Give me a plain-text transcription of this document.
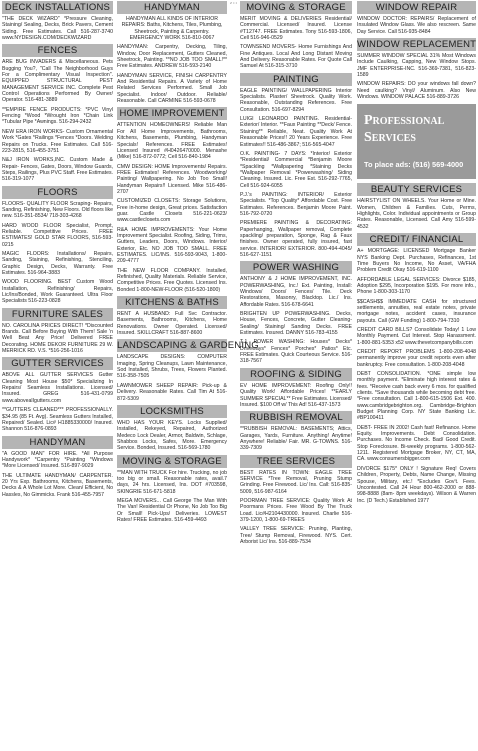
z • •
DECK INSTALLATIONS

"THE DECK WIZARD" *Pressure Cleaning, Staining/ Sealing, Decks, Brick Pavers, Cement Siding. Free Estimates. Call 516-287-3740 www.NYDESIGN.COM/DECKWIZARD

FENCES

ARE BUG INVADERS & Miscellaneous. Pets Bugging You?, "Call The Neighborhood Guys For a Complimentary Visual Inspection". EQUIPPED STRUCTURAL PEST MANAGEMENT SERVICE INC. Complete Pest Control Operations Performed By Owner/ Operator. 516-481-3889

**EMPIRE FENCE PRODUCTS: *PVC Vinyl Fencing *Wood *Wrought Iron *Chain Link *Tubular Pipe *Awnings. 516-294-2432

NEW ERA IRON WORKS- Custom Ornamental Work *Gates *Railings *Fences *Doors. Welding Repairs on Trucks. Free Estimates. Call 516-223-2815, 516-455-3751

N&J IRON WORKS,INC. Custom Made & Repair- Fences, Gates, Doors, Window Guards, Steps, Railings, Plus PVC Staff. Free Estimates. 516-319-1077

FLOORS

FLOORS- QUALITY FLOOR Scraping- Repairs, Sanding, Refinishing, New Floors. Old floors like new. 516-351-8534/ 718-303-4268

HARD WOOD FLOOR Specialist, Prompt, Reliable. Competitive Prices. FREE ESTIMATES! GOLD STAR FLOORS, 516-593-0215

MAGIC FLOORS: Installations/ Repairs, Sanding, Staining, Refinishing, Stenciling, Graphic Design, Decks, Warranty. Free Estimates. 516-964-3883

WOOD FLOORING. BEST Custom Wood Installation, Refinishing/ Repairs, Lic/Ins/Bonded, Work Guaranteed. Ultra Floor Specialists 516-223-0828

FURNITURE SALES

NO. CAROLINA PRICES DIRECT! *Discounted Brands. Call Before Buying With Them! Sale 'n Well Beat Any Price! Delivered FREE Decorating. HOME DEKOR FURNITURE 29 W. MERRICK RD. V.S. *516-256-1016

GUTTER SERVICES

ABOVE ALL GUTTER SERVICES Gutter Cleaning Most House $50* Specializing In Repairs/ Seamless Installations. Licensed/ Insured. GREG 516-431-0799 www.abovealIgutters.com

**GUTTERS CLEANED*** PROFESSIONALLY. $34.95 (85 Ft. Avg). Seamless Gutters Installed, Repaired/ Sealed. Lic# H1885330000/ Insured. Shannon 516-876-0893

HANDYMAN

"A GOOD MAN" FOR HIRE. *All Purpose Handywork* *Carpentry *Painting *Windows *More Licensed/ Insured. 516-897-9029

THE ULTIMATE HANDYMAN/ CARPENTER. 20 Yrs Exp. Bathrooms, Kitchens, Basements, Decks & A Whole Lot More. Clean/ Efficient, No Hassles, No Gimmicks. Frank 516-455-7957

HANDYMAN

HANDYMAN ALL KINDS OF INTERIOR REPAIRS: Baths, Kitchens, Tiles, Plumbing, Sheetrock, Painting & Carpentry. EMERGENCY WORK 516-810-0067

HANDYMAN: Carpentry, Decking, Tiling, Window, Door Replacement, Gutters Cleaned, Sheetrock, Painting. **NO JOB TOO SMALL!** Free Estimates. ANDREW 516-593-2140

HANDYMAN SERVICE, FINISH CARPENTRY And Residential Repairs. A Variety of Home Related Services Performed. Small Job Specialist. Indoor/ Outdoor. Reliable/ Reasonable. Call CARMINE 516-593-0678

HOME IMPROVEMENT

ATTENTION HOMEOWNERS! Reliable Man For All Home Improvements, Bathrooms, Kitchens, Basements, Plumbing, Handyman Specials! References. FREE Estimates! Licensed Insured #H0426470000. Menashe (Mike) 516-872-0772; Cell 516-840-1984

CMW DESIGN: HOME Improvements/ Repairs. FREE Estimates! References. Woodworking/ Painting/ Wallpapering. No Job Too Small! Handyman Repairs!! Licensed. Mike 516-486-2707

CUSTOMIZED CLOSETS: Storage Solutions, Free in-home design, Great prices. Satisfaction guar. Castle Closets 516-221-0623/ www.castleclosets.com

R&A HOME IMPROVEMENTS: Your Home Improvement Specialist. Roofing, Siding, Trims, Gutters, Leaders, Doors, Windows. Interior/ Exterior, Etc. NO JOB TOO SMALL. FREE ESTIMATES. LIC/INS. 516-593-9043, 1-800-209-4777

THE NEW FLOOR COMPANY. Installed, Refinished, Quality Materials. Reliable Service, Competitive Prices. Free Quotes. Licensed Ins. Bonded 1-800-NEW-FLOOR (516-520-1800)

KITCHENS & BATHS

RENT A HUSBAND: Full Svc Contractor. Basements, Bathrooms, Kitchens, Home Renovations. Owner Operated. Licensed/ Insured. SKILLCRAFT 516-887-8600

LANDSCAPING & GARDENING

LANDSCAPE DESIGNS: COMPUTER Imaging, Spring Cleanups, Lawn Maintenance, Sod Installed, Shrubs, Trees, Flowers Planted. 516-358-7505

LAWNMOWER SHEEP REPAIR: Pick-up & Delivery. Reasonable Rates. Call Tim At 516-872-5309

LOCKSMITHS

WHO HAS YOUR KEYS. Locks Supplied/ Installed, Rekeyed, Repaired, Authorized Medeco Lock Dealer, Armor, Baldwin, Schlage, Shabbos Locks, Safes, More. Emergency Service. Bonded, Insured. 516-569-1780

MOVING & STORAGE

**MAN WITH TRUCK For hire. Trucking, no job too big or small. Reasonable rates, avail.7 days, 24 hrs. Licensed, Ins. DOT #703598, SKINGRIE 516-671-5818

MEGA MOVERS... Call George The Man With The Van! Residential Or Phone, No Job Too Big Or Small! Pick-Ups/ Deliveries. LOWEST Rates! FREE Estimates. 516-459-4493

MOVING & STORAGE

MERIT MOVING & DELIVERIES Residential/ Commercial. Licensed/ Insured. License #T12747. FREE Estimates. Tony 516-593-1806, Cell 516-946-0529

TOWNSEND MOVERS- Home Furnishings And Fine Antiques. Local And Long Distant Moving And Delivery. Reasonable Rates. For Quote Call Samuel At 516-315-3710

PAINTING

EAGLE PAINTING/ WALLPAPERING Interior Specialists. Plaster/ Sheetrock. Quality Work. Reasonable, Outstanding References. Free Consultation. 516-697-8294

LUIGI LEONARDO PAINTING. Residential- Exterior/ Interior. **Faux Painting **Deck/ Fence. Staining** Reliable, Neat. Quality Work At Reasonable Prices!! 20 Years Experience. Free Estimates!! 516-486-3867; 516-565-4047

O.K. PAINTING- 7 DAYS: *Interior/ Exterior *Residential/ Commercial *Benjamin Moore *Spackling *Wallpapering *Staining Decks *Wallpaper Removal *Powerwashing/ Siding Cleaning. Insured. Lic. Free Est. 516-292-7765, Cell 516-924-6055

P.J.'s PAINTING: INTERIOR/ Exterior Specialists. *Top Quality* Affordable Cost. Free Estimates. References. Benjamin Moore Paint. 516-792-0720

PREMIERE PAINTING & DECORATING: Paperhanging, Wallpaper removal, Complete spackling/ preparation, Sponge, Rag & Faux finishes. Owner operated, fully insured, fast service. INTERIOR/ EXTERIOR. 800-494-4045/ 516-627-1151

POWER WASHING

ANTHONY & J HOME IMPROVEMENT, INC. POWERWASHING, Inc.! Ext. Painting, Install: Windows/ Doors/ Fences/ Tile. Deck Restorations, Masonry, Blacktop. Lic./ Ins. Affordable Rates. 516-678-6641

BRIGHTEN UP POWERWASHING. Decks, House, Fences, Concrete, Gutter Cleaning- Sealing/ Staining/ Sanding Decks. FREE Estimates. Insured. DANNY 516-783-4155

T.J. POWER WASHING: Houses* Decks* Driveways* Fences* Porches* Patios* Etc. FREE Estimates. Quick Courteous Service. 516-318-7567

ROOFING & SIDING

EV HOME IMPROVEMENT: Roofing Only!! Quality Work! Affordable Prices! **EARLY SUMMER SPECIAL** Free Estimates. Licensed/ Insured. $100 Off w/ This Ad! 516-437-1573

RUBBISH REMOVAL

**RUBBISH REMOVAL: BASEMENTS; Attics, Garages, Yards, Furniture. Anything! Anytime! Anywhere! Reliable/ Fair. MR. G-TOWNS. 516-339-7309

TREE SERVICES

BEST RATES IN TOWN: EAGLE TREE SERVICE *Tree Removal, Pruning Stump Grinding. Free Firewood. Lic/ Ins. Call: 516-835-5009, 516-987-6164

POORMAN TREE SERVICE: Quality Work At Poormans Prices. Free Wood By The Truck Load. Lic#H2104430000. Insured. Charlie 516-379-1200, 1-800-69-TREES

VALLEY TREE SERVICE: Pruning, Planting, Tree/ Stump Removal, Firewood. NYS. Cert. Arborist Lic/ Ins. 516-889-7534

WINDOW REPAIR

WINDOW DOCTOR: REPAIRS/ Replacement of Insulated Window Glass. We also rescreen. Same Day Service. Call 516-935-8484

WINDOW REPLACEMENT

SUMMER WINDOW SPECIAL 31% Most Windows Include Caulking, Capping, New Window Stops. JMF ENTERPRISE-INC. 516-369-7381, 516-823-1589

WINDOW REPAIRS: DO your windows fall down? Need caulking? Vinyl/ Aluminum. Also New Windows. WINDOW PALACE 516-889-3726

Professional
Services
To place ads: (516) 569-4000
BEAUTY SERVICES

HAIRSTYLIST ON WHEELS. Your Home or Mine. Women, Children & Families. Cuts, Perms, Highlights, Color. Individual appointments or Group Rates. Reasonable, Licensed. Call Amy 516-599-4532

CREDIT/ FINANCIAL

A+ MORTGAGE: LICENSED Mortgage Banker NYS Banking Dept. Purchases, Refinances, 1st Time Buyers No Income, No Asset, VA/FHA Problem Credit Okay 516-619-1100

AFFORDABLE LEGAL SERVICES: Divorce $185, Adoption $295, Incorporation $195. For more info., Phone 1-800-303-1170

$$CASH$$ IMMEDIATE CASH for structured settlements, annuities, real estate notes, private mortgage notes, accident cases, insurance payouts. Call (GW Funding) 1-800-794-7310

CREDIT CARD BILLS? Consolidate Today! 1 Low Monthly Payment. Cut Interest. Stop Harassment. 1-800-881-5353 x52 www.thevetcompanybills.com

CREDIT REPORT PROBLEMS 1-800-208-4048 permanently improve your credit reports even after bankruptcy. Free consultation. 1-800-208-4048

DEBT CONSOLIDATION. *ONE simple low monthly payment. *Eliminate high interest rates & fees. *Receive cash back every 6 mos. for qualified clients. *Save thousands while becoming debt free. *Free consultation. Call 1-800-615-1506 Ext. 400. www.cambridgebrighton.org. Cambridge-Brighton Budget Planning Corp. NY State Banking Lic. #BP100411

DEBT- FREE IN 2002! Cash fast! Refinance. Home Equity. Improvements. Debt Consolidation. Purchases. No Income Check. Bad/ Good Credit. Stop Foreclosure. Bi-weekly programs. 1-800-562-1211. Registered Mortgage Broker, NY, CT, MA, CA. www.consumersbigger.com

DIVORCE $175* ONLY ! Signature Req! Covers Children, Property, Debts, Name Change, Missing Spouse, Military, etc.! *Excludes Gov't. Fees. Uncontested. Call 24 Hour 800-462-2000 or 888-998-8888 (8am- 8pm weekdays). Wilson & Warren Inc. (D Tech.) Established 1977
